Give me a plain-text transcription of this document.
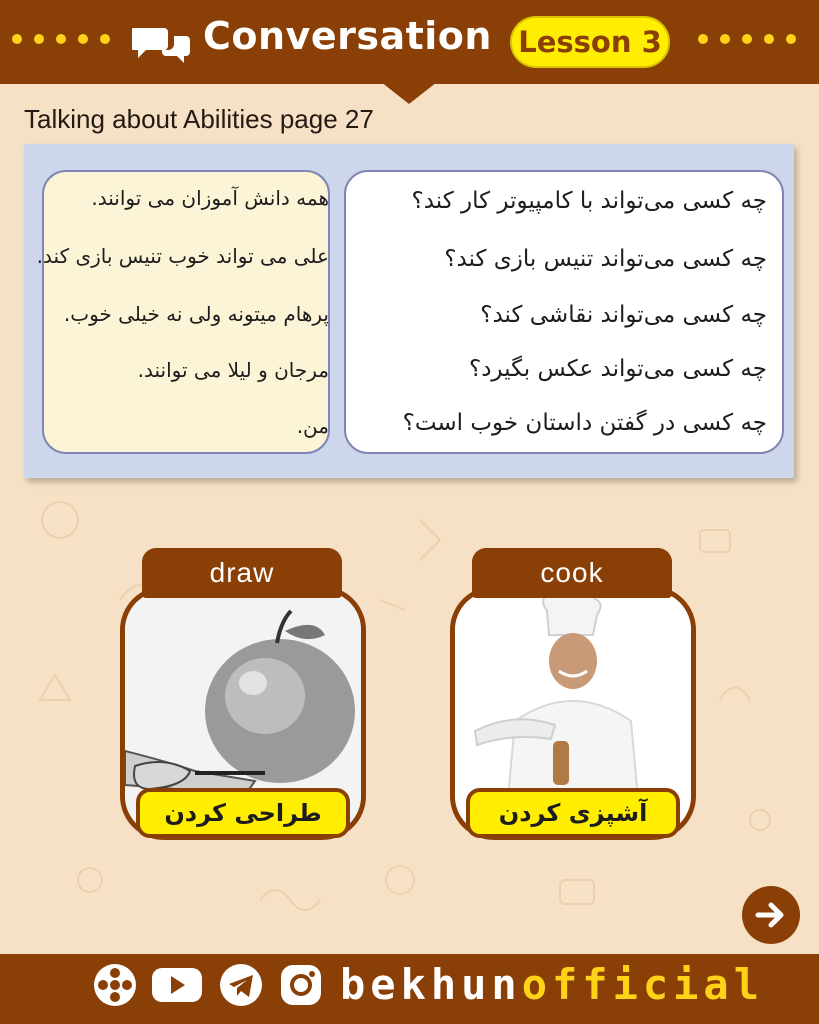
Conversation Lesson 3
Talking about Abilities page 27
چه کسی می‌تواند با کامپیوتر کار کند؟
چه کسی می‌تواند تنیس بازی کند؟
چه کسی می‌تواند نقاشی کند؟
چه کسی می‌تواند عکس بگیرد؟
چه کسی در گفتن داستان خوب است؟
همه دانش آموزان می توانند.
علی می تواند خوب تنیس بازی کند.
پرهام میتونه ولی نه خیلی خوب.
مرجان و لیلا می توانند.
من.
draw
طراحی کردن
cook
آشپزی کردن
bekhunofficial
